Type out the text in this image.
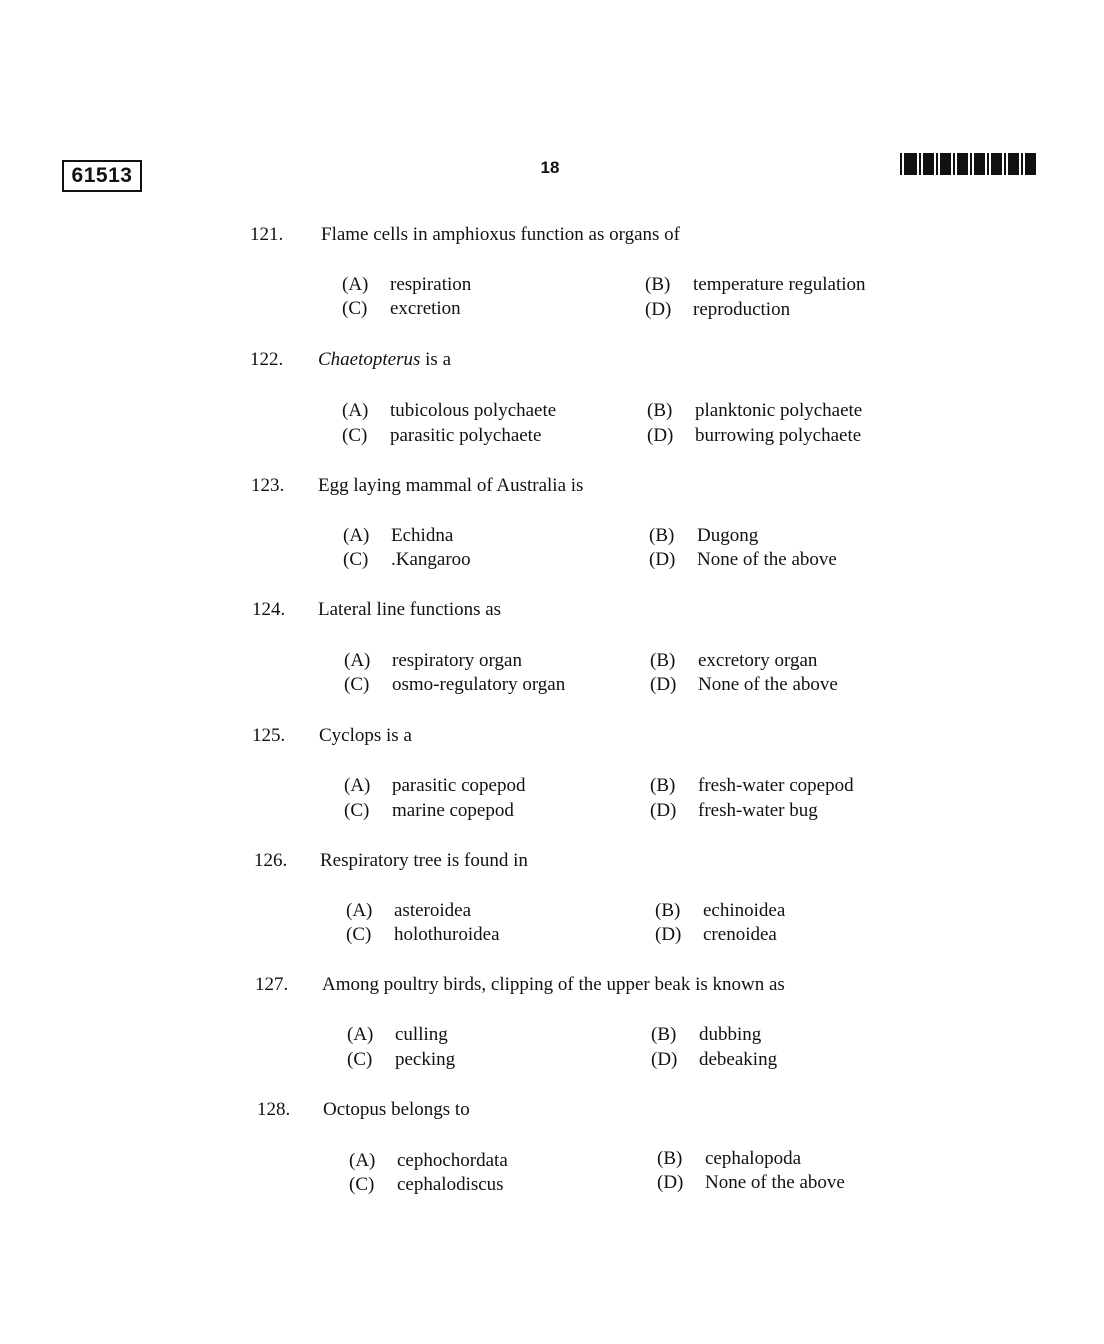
61513	18
121. Flame cells in amphioxus function as organs of
(A) respiration	(B) temperature regulation
(C) excretion	(D) reproduction
122. Chaetopterus is a
(A) tubicolous polychaete	(B) planktonic polychaete
(C) parasitic polychaete	(D) burrowing polychaete
123. Egg laying mammal of Australia is
(A) Echidna	(B) Dugong
(C) .Kangaroo	(D) None of the above
124. Lateral line functions as
(A) respiratory organ	(B) excretory organ
(C) osmo-regulatory organ	(D) None of the above
125. Cyclops is a
(A) parasitic copepod	(B) fresh-water copepod
(C) marine copepod	(D) fresh-water bug
126. Respiratory tree is found in
(A) asteroidea	(B) echinoidea
(C) holothuroidea	(D) crenoidea
127. Among poultry birds, clipping of the upper beak is known as
(A) culling	(B) dubbing
(C) pecking	(D) debeaking
128. Octopus belongs to
(A) cephochordata	(B) cephalopoda
(C) cephalodiscus	(D) None of the above
